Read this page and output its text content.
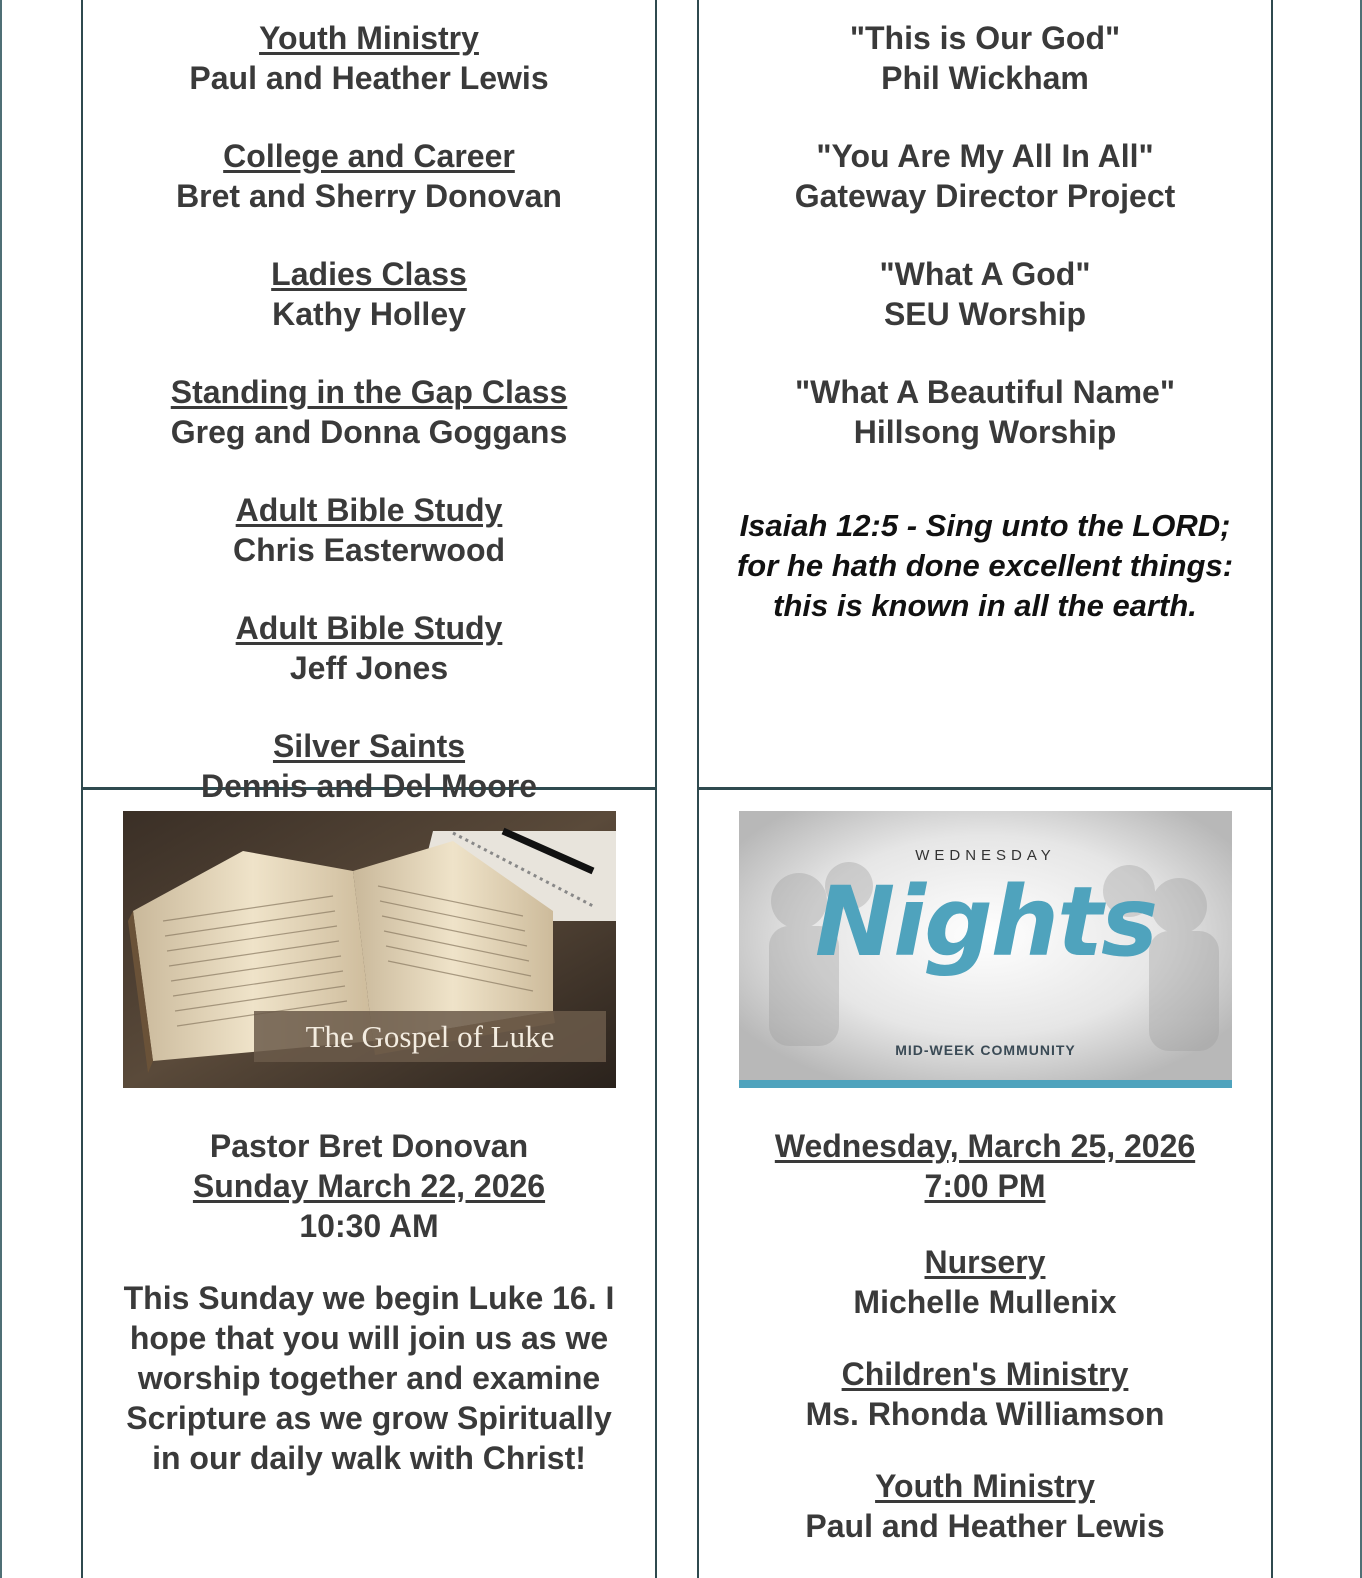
Youth Ministry
Paul and Heather Lewis
College and Career
Bret and Sherry Donovan
Ladies Class
Kathy Holley
Standing in the Gap Class
Greg and Donna Goggans
Adult Bible Study
Chris Easterwood
Adult Bible Study
Jeff Jones
Silver Saints
Dennis and Del Moore
"This is Our God"
Phil Wickham
"You Are My All In All"
Gateway Director Project
"What A God"
SEU Worship
"What A Beautiful Name"
Hillsong Worship
Isaiah 12:5 - Sing unto the LORD; for he hath done excellent things: this is known in all the earth.
The Gospel of Luke
Pastor Bret Donovan
Sunday March 22, 2026
10:30 AM
This Sunday we begin Luke 16. I hope that you will join us as we worship together and examine Scripture as we grow Spiritually in our daily walk with Christ!
WEDNESDAY
Nights
MID-WEEK COMMUNITY
Wednesday, March 25, 2026
7:00 PM
Nursery
Michelle Mullenix
Children's Ministry
Ms. Rhonda Williamson
Youth Ministry
Paul and Heather Lewis
